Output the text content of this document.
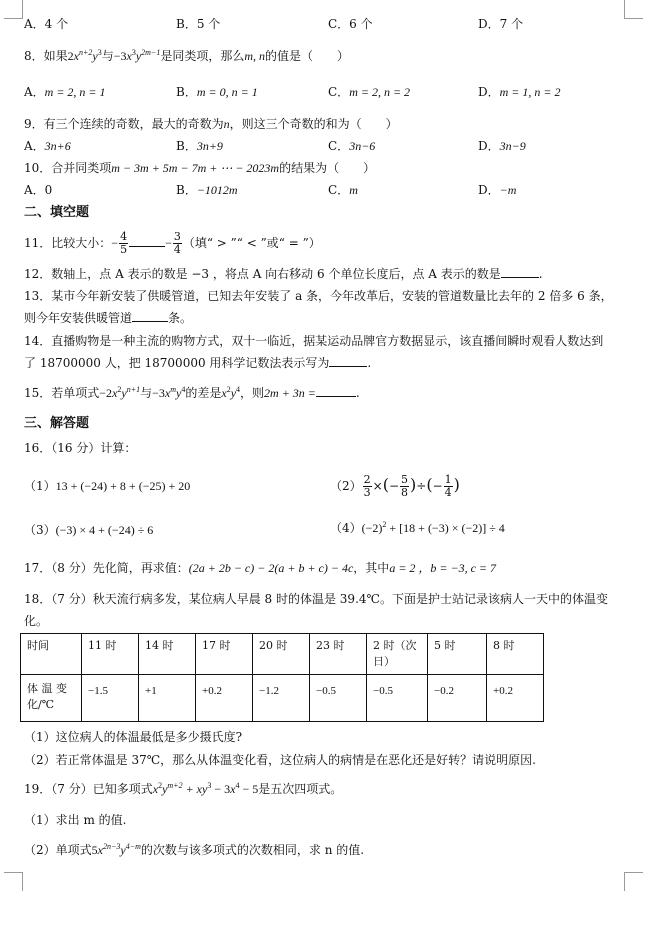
A．4 个	B．5 个	C．6 个	D．7 个
8．如果$2x^{n+2}y^3$与$-3x^3y^{2m-1}$是同类项，那么m, n的值是（　　）
A．m = 2, n = 1	B．m = 0, n = 1	C．m = 2, n = 2	D．m = 1, n = 2
9．有三个连续的奇数，最大的奇数为n，则这三个奇数的和为（　　）
A．3n+6	B．3n+9	C．3n−6	D．3n−9
10．合并同类项m − 3m + 5m − 7m + ⋯ − 2023m的结果为（　　）
A．0	B．−1012m	C．m	D．−m
二、填空题
11．比较大小：− $\frac{4}{5}$	− $\frac{3}{4}$ （填“ > ”“ < ”或“ = ”）
12．数轴上，点 A 表示的数是 −3 ，将点 A 向右移动 6 个单位长度后，点 A 表示的数是	.
13．某市今年新安装了供暖管道，已知去年安装了 a 条，今年改革后，安装的管道数量比去年的 2 倍多 6 条，
则今年安装供暖管道	条。
14．直播购物是一种主流的购物方式，双十一临近，据某运动品牌官方数据显示，该直播间瞬时观看人数达到
了 18700000 人，把 18700000 用科学记数法表示写为	.
15．若单项式$-2x^2y^{n+1}$与$-3x^my^4$的差是$x^2y^4$，则2m + 3n =	.
三、解答题
16．（16 分）计算：
（1）13 + (−24) + 8 + (−25) + 20	$(2) \frac{2}{3}$ ×(− $\frac{5}{8}$ )÷(− $\frac{1}{4}$ )
（3）(−3) × 4 + (−24) ÷ 6	$(4)(-2)^2 + [18 + (-3) \times (-2)] \div 4$
17．（8 分）先化简，再求值：(2a + 2b − c) − 2(a + b + c) − 4c，其中a = 2 ，b = −3, c = 7
18．（7 分）秋天流行病多发，某位病人早晨 8 时的体温是 39.4℃。下面是护士站记录该病人一天中的体温变
化。
时间	11 时	14 时	17 时	20 时	23 时	2 时（次日）	5 时	8 时
体 温 变 化/℃	−1.5	+1	+0.2	−1.2	−0.5	−0.5	−0.2	+0.2
（1）这位病人的体温最低是多少摄氏度?
（2）若正常体温是 37℃，那么从体温变化看，这位病人的病情是在恶化还是好转？请说明原因.
19．（7 分）已知多项式$x^2y^{m+2} + xy^3 - 3x^4 - 5$是五次四项式。
（1）求出 m 的值.
（2）单项式$5x^{2n-3}y^{4-m}$的次数与该多项式的次数相同，求 n 的值.
